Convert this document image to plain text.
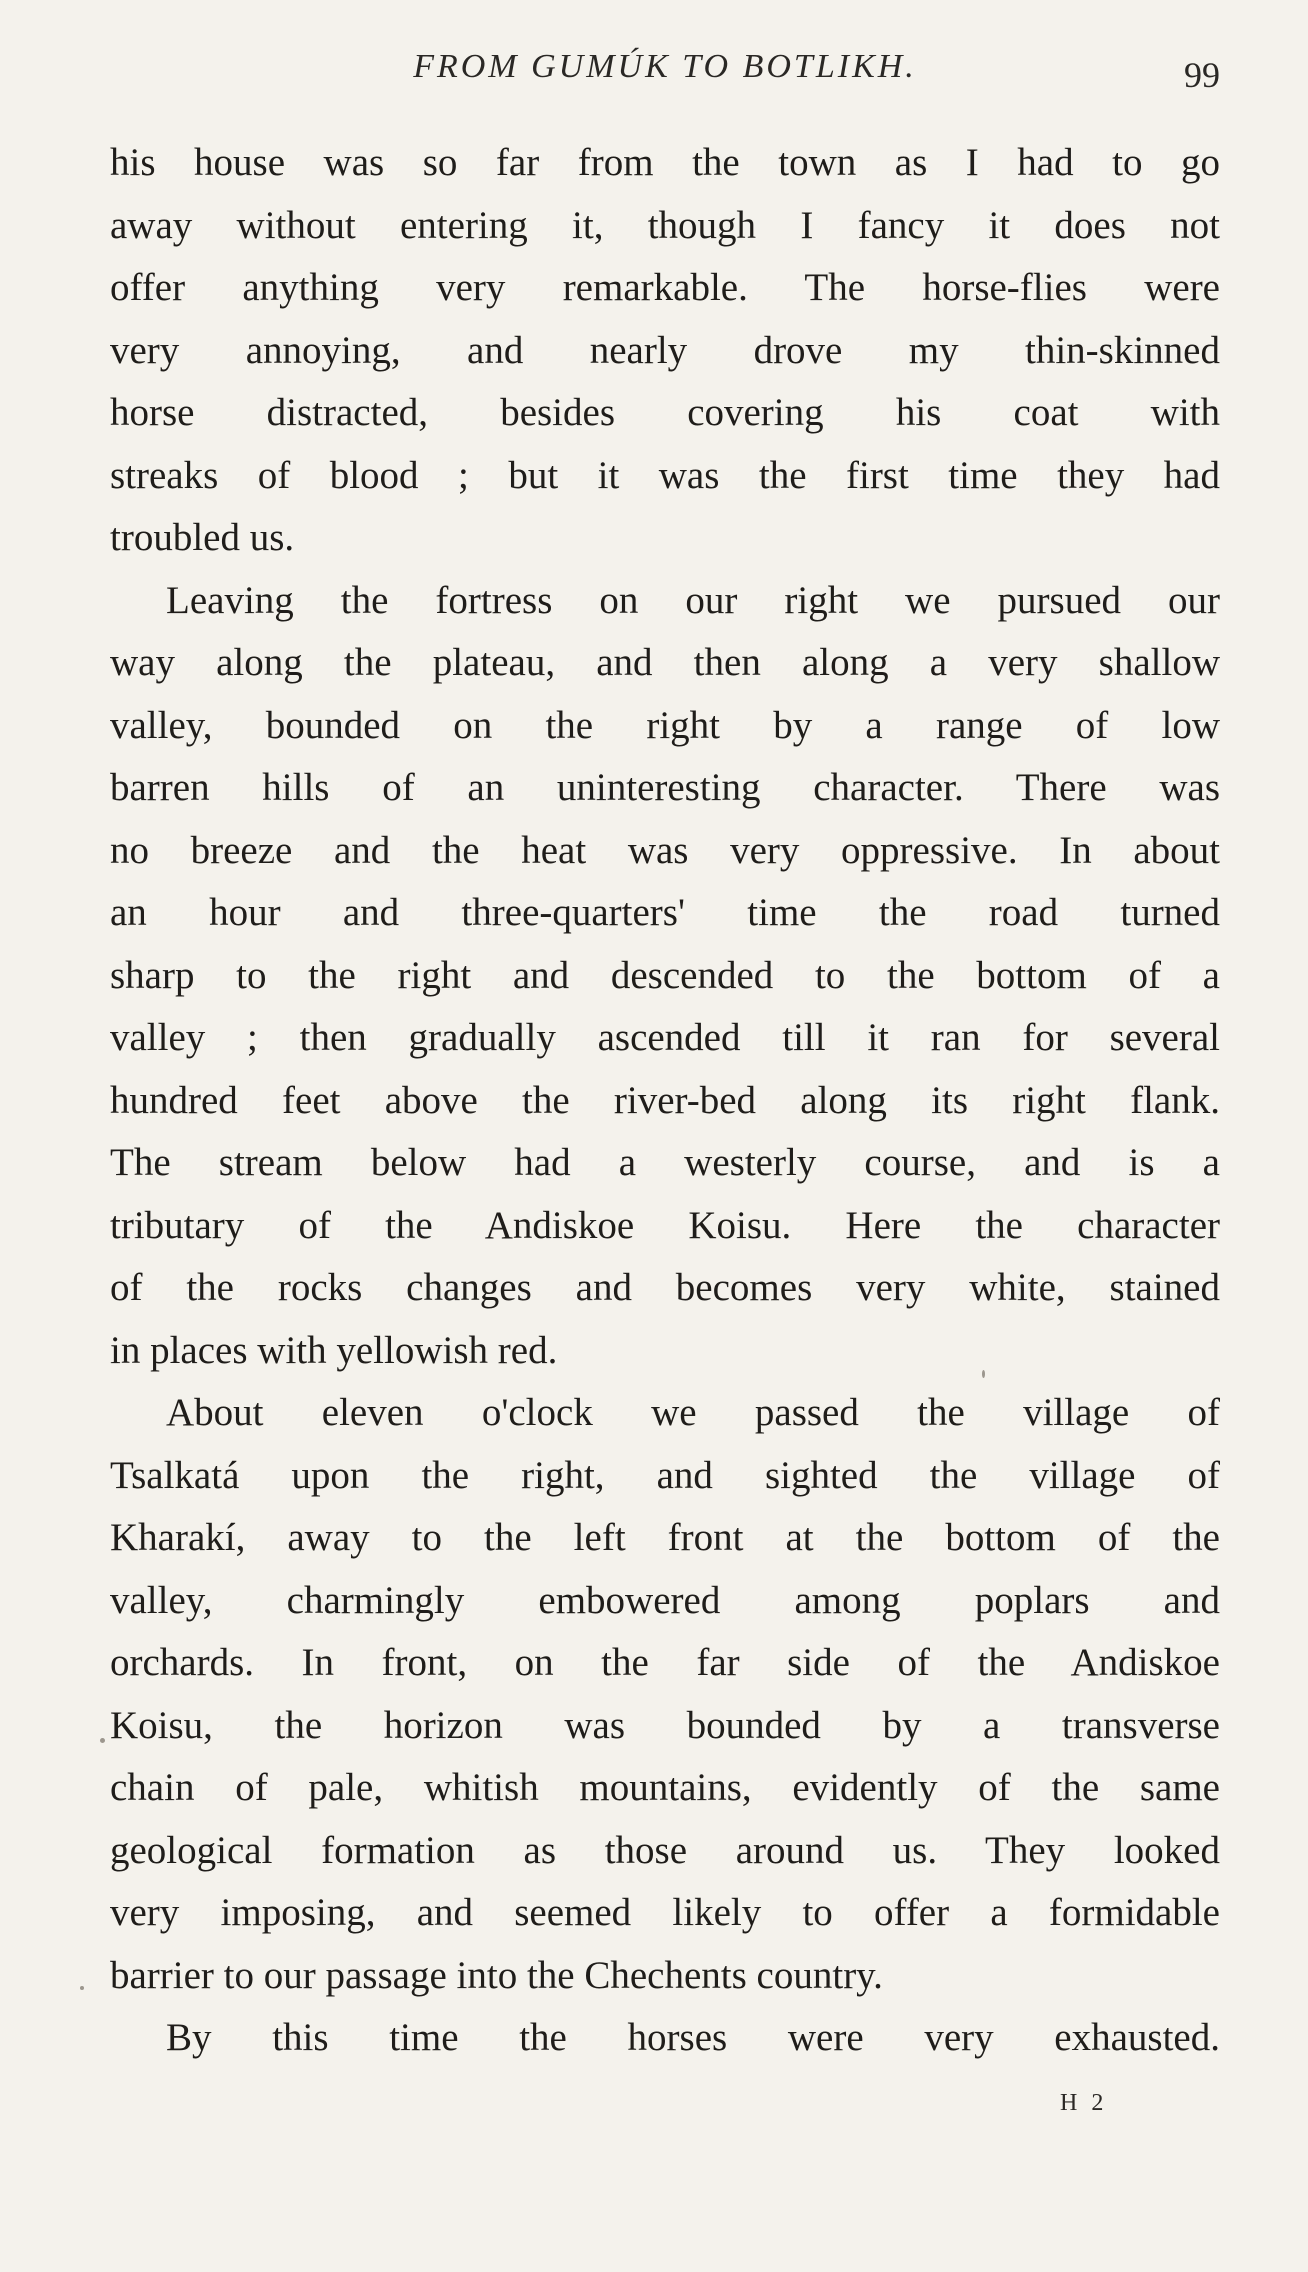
FROM GUMÚK TO BOTLIKH.	99
his house was so far from the town as I had to go
away without entering it, though I fancy it does not
offer anything very remarkable. The horse-flies were
very annoying, and nearly drove my thin-skinned
horse distracted, besides covering his coat with
streaks of blood ; but it was the first time they had
troubled us.
Leaving the fortress on our right we pursued our
way along the plateau, and then along a very shallow
valley, bounded on the right by a range of low
barren hills of an uninteresting character. There was
no breeze and the heat was very oppressive. In about
an hour and three-quarters' time the road turned
sharp to the right and descended to the bottom of a
valley ; then gradually ascended till it ran for several
hundred feet above the river-bed along its right flank.
The stream below had a westerly course, and is a
tributary of the Andiskoe Koisu. Here the character
of the rocks changes and becomes very white, stained
in places with yellowish red.
About eleven o'clock we passed the village of
Tsalkatá upon the right, and sighted the village of
Kharakí, away to the left front at the bottom of the
valley, charmingly embowered among poplars and
orchards. In front, on the far side of the Andiskoe
Koisu, the horizon was bounded by a transverse
chain of pale, whitish mountains, evidently of the same
geological formation as those around us. They looked
very imposing, and seemed likely to offer a formidable
barrier to our passage into the Chechents country.
By this time the horses were very exhausted.
H 2
